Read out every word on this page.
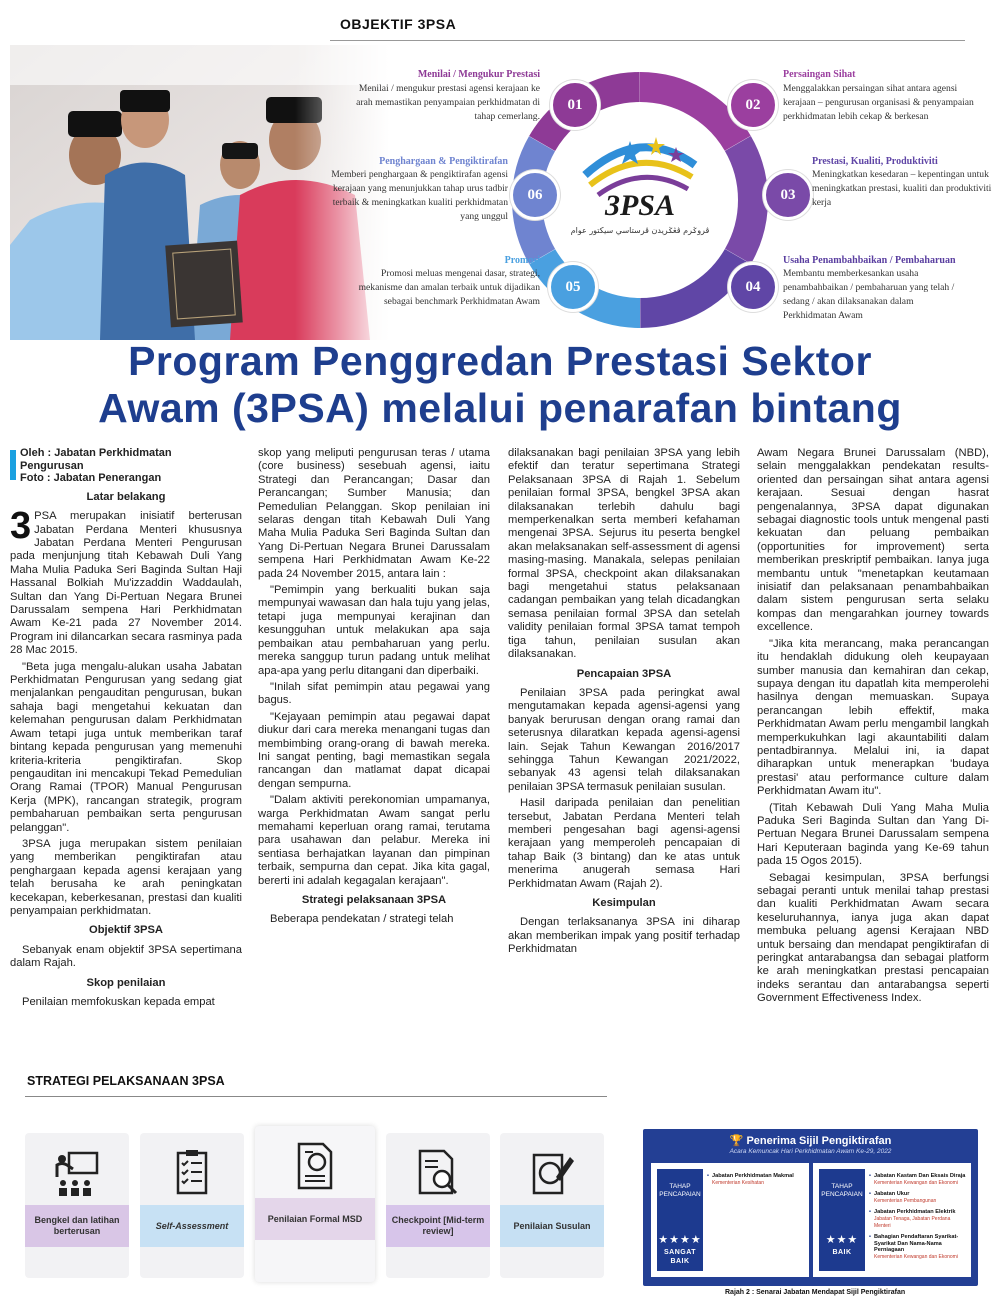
OBJEKTIF 3PSA
3PSA
ڤروݢرم ڤڠݢريدن ڤرستاسي سيکتور عوام
01	02
03
04
05
06
Menilai / Mengukur Prestasi
Menilai / mengukur prestasi agensi kerajaan ke arah memastikan penyampaian perkhidmatan di tahap cemerlang.
Persaingan Sihat
Menggalakkan persaingan sihat antara agensi kerajaan – pengurusan organisasi & penyampaian perkhidmatan lebih cekap & berkesan
Prestasi, Kualiti, Produktiviti
Meningkatkan kesedaran – kepentingan untuk meningkatkan prestasi, kualiti dan produktiviti kerja
Usaha Penambahbaikan / Pembaharuan
Membantu memberkesankan usaha penambahbaikan / pembaharuan yang telah / sedang / akan dilaksanakan dalam Perkhidmatan Awam
Promosi
Promosi meluas mengenai dasar, strategi, mekanisme dan amalan terbaik untuk dijadikan sebagai benchmark Perkhidmatan Awam
Penghargaan & Pengiktirafan
Memberi penghargaan & pengiktirafan agensi kerajaan yang menunjukkan tahap urus tadbir terbaik & meningkatkan kualiti perkhidmatan yang unggul
Program Penggredan Prestasi Sektor
Awam (3PSA) melalui penarafan bintang
Oleh : Jabatan Perkhidmatan
Pengurusan
Foto : Jabatan Penerangan

Latar belakang

3 PSA merupakan inisiatif berterusan Jabatan Perdana Menteri khususnya Jabatan Perdana Menteri Pengurusan pada menjunjung titah Kebawah Duli Yang Maha Mulia Paduka Seri Baginda Sultan Haji Hassanal Bolkiah Mu'izzaddin Waddaulah, Sultan dan Yang Di-Pertuan Negara Brunei Darussalam sempena Hari Perkhidmatan Awam Ke-21 pada 27 November 2014. Program ini dilancarkan secara rasminya pada 28 Mac 2015.

"Beta juga mengalu-alukan usaha Jabatan Perkhidmatan Pengurusan yang sedang giat menjalankan pengauditan pengurusan, bukan sahaja bagi mengetahui kekuatan dan kelemahan pengurusan dalam Perkhidmatan Awam tetapi juga untuk memberikan taraf bintang kepada pengurusan yang memenuhi kriteria-kriteria pengiktirafan. Skop pengauditan ini mencakupi Tekad Pemedulian Orang Ramai (TPOR) Manual Pengurusan Kerja (MPK), rancangan strategik, program pembaharuan pembaikan serta pengurusan pelanggan".

3PSA juga merupakan sistem penilaian yang memberikan pengiktirafan atau penghargaan kepada agensi kerajaan yang telah berusaha ke arah peningkatan kecekapan, keberkesanan, prestasi dan kualiti penyampaian perkhidmatan.

Objektif 3PSA

Sebanyak enam objektif 3PSA sepertimana dalam Rajah.

Skop penilaian

Penilaian memfokuskan kepada empat

skop yang meliputi pengurusan teras / utama (core business) sesebuah agensi, iaitu Strategi dan Perancangan; Dasar dan Perancangan; Sumber Manusia; dan Pemedulian Pelanggan. Skop penilaian ini selaras dengan titah Kebawah Duli Yang Maha Mulia Paduka Seri Baginda Sultan dan Yang Di-Pertuan Negara Brunei Darussalam sempena Hari Perkhidmatan Awam Ke-22 pada 24 November 2015, antara lain :

"Pemimpin yang berkualiti bukan saja mempunyai wawasan dan hala tuju yang jelas, tetapi juga mempunyai kerajinan dan kesungguhan untuk melakukan apa saja pembaikan atau pembaharuan yang perlu. mereka sanggup turun padang untuk melihat apa-apa yang perlu ditangani dan diperbaiki.

"Inilah sifat pemimpin atau pegawai yang bagus.

"Kejayaan pemimpin atau pegawai dapat diukur dari cara mereka menangani tugas dan membimbing orang-orang di bawah mereka. Ini sangat penting, bagi memastikan segala rancangan dan matlamat dapat dicapai dengan sempurna.

"Dalam aktiviti perekonomian umpamanya, warga Perkhidmatan Awam sangat perlu memahami keperluan orang ramai, terutama para usahawan dan pelabur. Mereka ini sentiasa berhajatkan layanan dan pimpinan terbaik, sempurna dan cepat. Jika kita gagal, bererti ini adalah kegagalan kerajaan".

Strategi pelaksanaan 3PSA

Beberapa pendekatan / strategi telah

dilaksanakan bagi penilaian 3PSA yang lebih efektif dan teratur sepertimana Strategi Pelaksanaan 3PSA di Rajah 1. Sebelum penilaian formal 3PSA, bengkel 3PSA akan dilaksanakan terlebih dahulu bagi memperkenalkan serta memberi kefahaman mengenai 3PSA. Sejurus itu peserta bengkel akan melaksanakan self-assessment di agensi masing-masing. Manakala, selepas penilaian formal 3PSA, checkpoint akan dilaksanakan bagi mengetahui status pelaksanaan cadangan pembaikan yang telah dicadangkan semasa penilaian formal 3PSA dan setelah validity penilaian formal 3PSA tamat tempoh tiga tahun, penilaian susulan akan dilaksanakan.

Pencapaian 3PSA

Penilaian 3PSA pada peringkat awal mengutamakan kepada agensi-agensi yang banyak berurusan dengan orang ramai dan seterusnya dilaratkan kepada agensi-agensi lain. Sejak Tahun Kewangan 2016/2017 sehingga Tahun Kewangan 2021/2022, sebanyak 43 agensi telah dilaksanakan penilaian 3PSA termasuk penilaian susulan.

Hasil daripada penilaian dan penelitian tersebut, Jabatan Perdana Menteri telah memberi pengesahan bagi agensi-agensi kerajaan yang memperoleh pencapaian di tahap Baik (3 bintang) dan ke atas untuk menerima anugerah semasa Hari Perkhidmatan Awam (Rajah 2).

Kesimpulan

Dengan terlaksananya 3PSA ini diharap akan memberikan impak yang positif terhadap Perkhidmatan

Awam Negara Brunei Darussalam (NBD), selain menggalakkan pendekatan results-oriented dan persaingan sihat antara agensi kerajaan. Sesuai dengan hasrat pengenalannya, 3PSA dapat digunakan sebagai diagnostic tools untuk mengenal pasti kekuatan dan peluang pembaikan (opportunities for improvement) serta memberikan preskriptif pembaikan. Ianya juga membantu untuk "menetapkan keutamaan inisiatif dan pelaksanaan penambahbaikan dalam sistem pengurusan serta selaku kompas dan mengarahkan journey towards excellence.

"Jika kita merancang, maka perancangan itu hendaklah didukung oleh keupayaan sumber manusia dan kemahiran dan cekap, supaya dengan itu dapatlah kita memperolehi hasilnya dengan memuaskan. Supaya perancangan lebih effektif, maka Perkhidmatan Awam perlu mengambil langkah memperkukuhkan lagi akauntabiliti dalam pentadbirannya. Melalui ini, ia dapat diharapkan untuk menerapkan 'budaya prestasi' atau performance culture dalam Perkhidmatan Awam itu".

(Titah Kebawah Duli Yang Maha Mulia Paduka Seri Baginda Sultan dan Yang Di-Pertuan Negara Brunei Darussalam sempena Hari Keputeraan baginda yang Ke-69 tahun pada 15 Ogos 2015).

Sebagai kesimpulan, 3PSA berfungsi sebagai peranti untuk menilai tahap prestasi dan kualiti Perkhidmatan Awam secara keseluruhannya, ianya juga akan dapat membuka peluang agensi Kerajaan NBD untuk bersaing dan mendapat pengiktirafan di peringkat antarabangsa dan sebagai platform ke arah meningkatkan prestasi pencapaian indeks serantau dan antarabangsa seperti Government Effectiveness Index.

STRATEGI PELAKSANAAN 3PSA
Bengkel dan latihan berterusan
Self-Assessment
Penilaian Formal MSD	Checkpoint [Mid-term review]
Penilaian Susulan
🏆 Penerima Sijil Pengiktirafan
Acara Kemuncak Hari Perkhidmatan Awam Ke-29, 2022
TAHAP PENCAPAIAN
★★★★
SANGAT BAIK
• Jabatan Perkhidmatan Makmal
Kementerian Kesihatan
TAHAP PENCAPAIAN
★★★
BAIK
• Jabatan Kastam Dan Eksais Diraja
Kementerian Kewangan dan Ekonomi
• Jabatan Ukur
Kementerian Pembangunan
• Jabatan Perkhidmatan Elektrik
Jabatan Tenaga, Jabatan Perdana Menteri
• Bahagian Pendaftaran Syarikat-Syarikat Dan Nama-Nama Perniagaan
Kementerian Kewangan dan Ekonomi
Rajah 2 : Senarai Jabatan Mendapat Sijil Pengiktirafan
